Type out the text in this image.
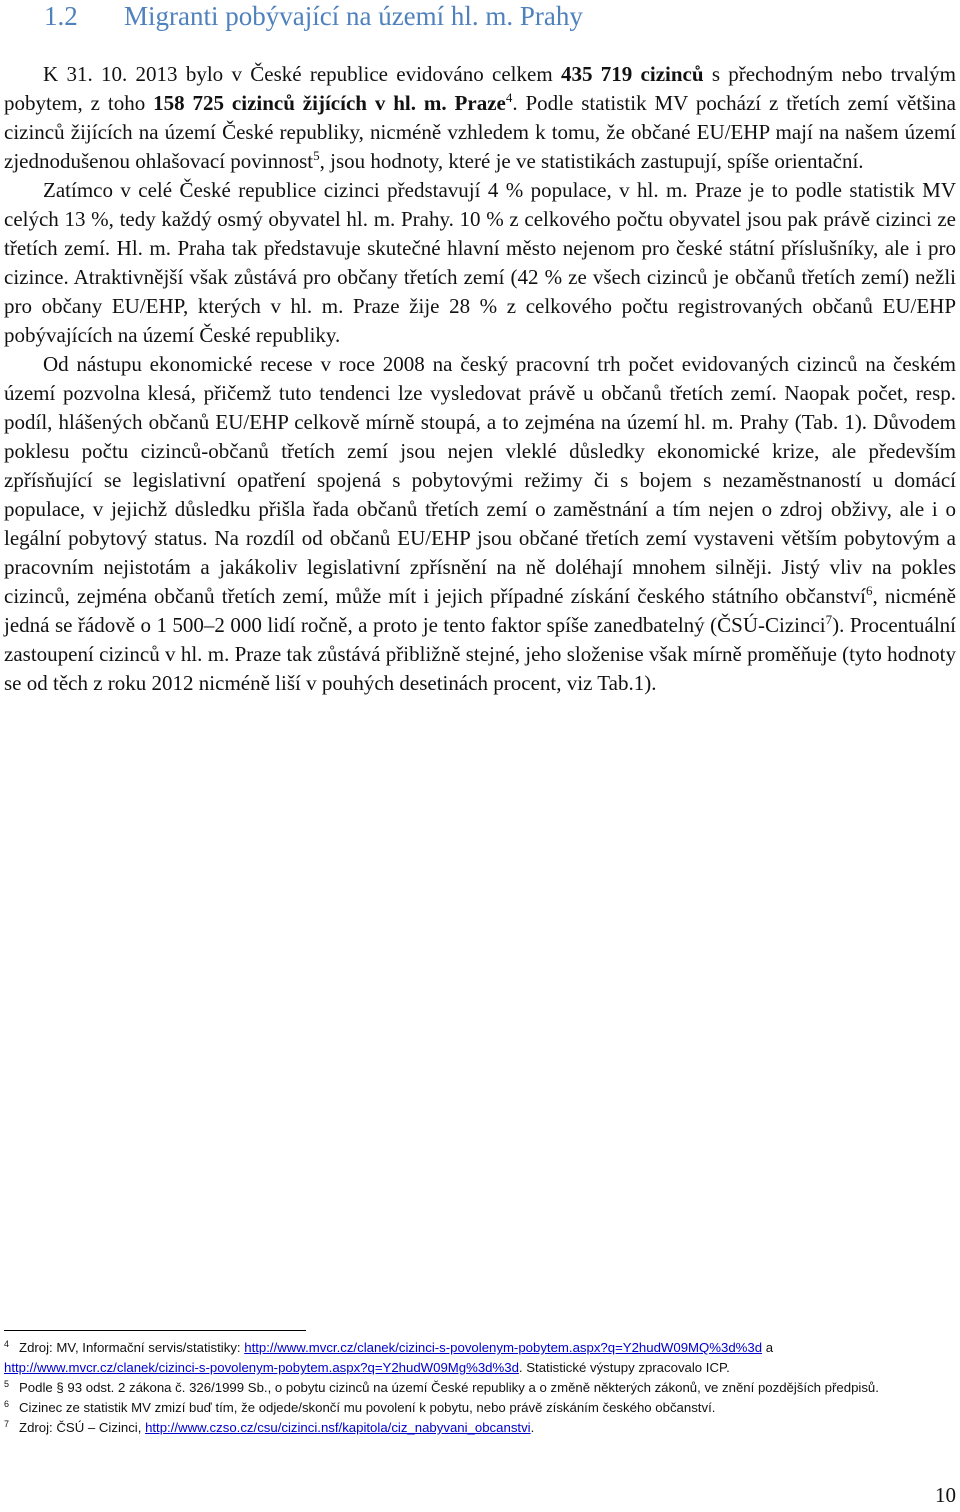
1.2 Migranti pobývající na území hl. m. Prahy

K 31. 10. 2013 bylo v České republice evidováno celkem 435 719 cizinců s přechodným nebo trvalým pobytem, z toho 158 725 cizinců žijících v hl. m. Praze$^4$. Podle statistik MV pochází z třetích zemí většina cizinců žijících na území České republiky, nicméně vzhledem k tomu, že občané EU/EHP mají na našem území zjednodušenou ohlašovací povinnost$^5$, jsou hodnoty, které je ve statistikách zastupují, spíše orientační.

Zatímco v celé České republice cizinci představují 4 % populace, v hl. m. Praze je to podle statistik MV celých 13 %, tedy každý osmý obyvatel hl. m. Prahy. 10 % z celkového počtu obyvatel jsou pak právě cizinci ze třetích zemí. Hl. m. Praha tak představuje skutečné hlavní město nejenom pro české státní příslušníky, ale i pro cizince. Atraktivnější však zůstává pro občany třetích zemí (42 % ze všech cizinců je občanů třetích zemí) nežli pro občany EU/EHP, kterých v hl. m. Praze žije 28 % z celkového počtu registrovaných občanů EU/EHP pobývajících na území České republiky.

Od nástupu ekonomické recese v roce 2008 na český pracovní trh počet evidovaných cizinců na českém území pozvolna klesá, přičemž tuto tendenci lze vysledovat právě u občanů třetích zemí. Naopak počet, resp. podíl, hlášených občanů EU/EHP celkově mírně stoupá, a to zejména na území hl. m. Prahy (Tab. 1). Důvodem poklesu počtu cizinců-občanů třetích zemí jsou nejen vleklé důsledky ekonomické krize, ale především zpřísňující se legislativní opatření spojená s pobytovými režimy či s bojem s nezaměstnaností u domácí populace, v jejichž důsledku přišla řada občanů třetích zemí o zaměstnání a tím nejen o zdroj obživy, ale i o legální pobytový status. Na rozdíl od občanů EU/EHP jsou občané třetích zemí vystaveni větším pobytovým a pracovním nejistotám a jakákoliv legislativní zpřísnění na ně doléhají mnohem silněji. Jistý vliv na pokles cizinců, zejména občanů třetích zemí, může mít i jejich případné získání českého státního občanství$^6$, nicméně jedná se řádově o 1 500–2 000 lidí ročně, a proto je tento faktor spíše zanedbatelný (ČSÚ-Cizinci$^7$). Procentuální zastoupení cizinců v hl. m. Praze tak zůstává přibližně stejné, jeho složenise však mírně proměňuje (tyto hodnoty se od těch z roku 2012 nicméně liší v pouhých desetinách procent, viz Tab.1).

$^4$ Zdroj: MV, Informační servis/statistiky: http://www.mvcr.cz/clanek/cizinci-s-povolenym-pobytem.aspx?q=Y2hudW09MQ%3d%3d a http://www.mvcr.cz/clanek/cizinci-s-povolenym-pobytem.aspx?q=Y2hudW09Mg%3d%3d. Statistické výstupy zpracovalo ICP.

$^5$ Podle § 93 odst. 2 zákona č. 326/1999 Sb., o pobytu cizinců na území České republiky a o změně některých zákonů, ve znění pozdějších předpisů.

$^6$ Cizinec ze statistik MV zmizí buď tím, že odjede/skončí mu povolení k pobytu, nebo právě získáním českého občanství.

$^7$ Zdroj: ČSÚ – Cizinci, http://www.czso.cz/csu/cizinci.nsf/kapitola/ciz_nabyvani_obcanstvi.

10
